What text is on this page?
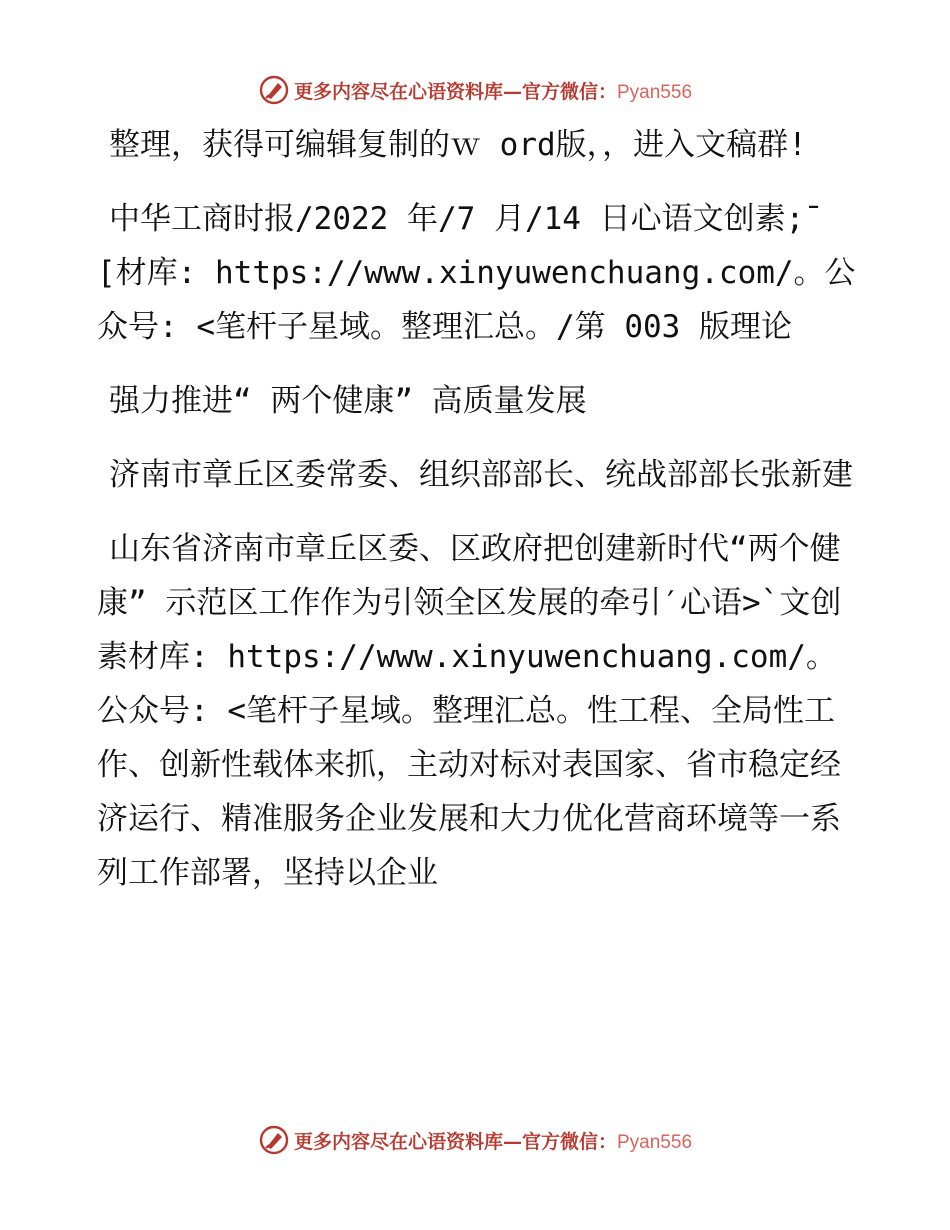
更多内容尽在心语资料库—官方微信：Pyan556

整理，获得可编辑复制的ｗ ord版，，进入文稿群!

中华工商时报/2022 年/7 月/14 日心语文创素;¯[材库: https://www.xinyuwenchuang.com/。公众号: <笔杆子星域。整理汇总。/第 003 版理论

强力推进“ 两个健康” 高质量发展

济南市章丘区委常委、组织部部长、统战部部长张新建

山东省济南市章丘区委、区政府把创建新时代“两个健康” 示范区工作作为引领全区发展的牵引′心语>`文创素材库: https://www.xinyuwenchuang.com/。公众号: <笔杆子星域。整理汇总。性工程、全局性工作、创新性载体来抓，主动对标对表国家、省市稳定经济运行、精准服务企业发展和大力优化营商环境等一系列工作部署，坚持以企业

更多内容尽在心语资料库—官方微信：Pyan556
